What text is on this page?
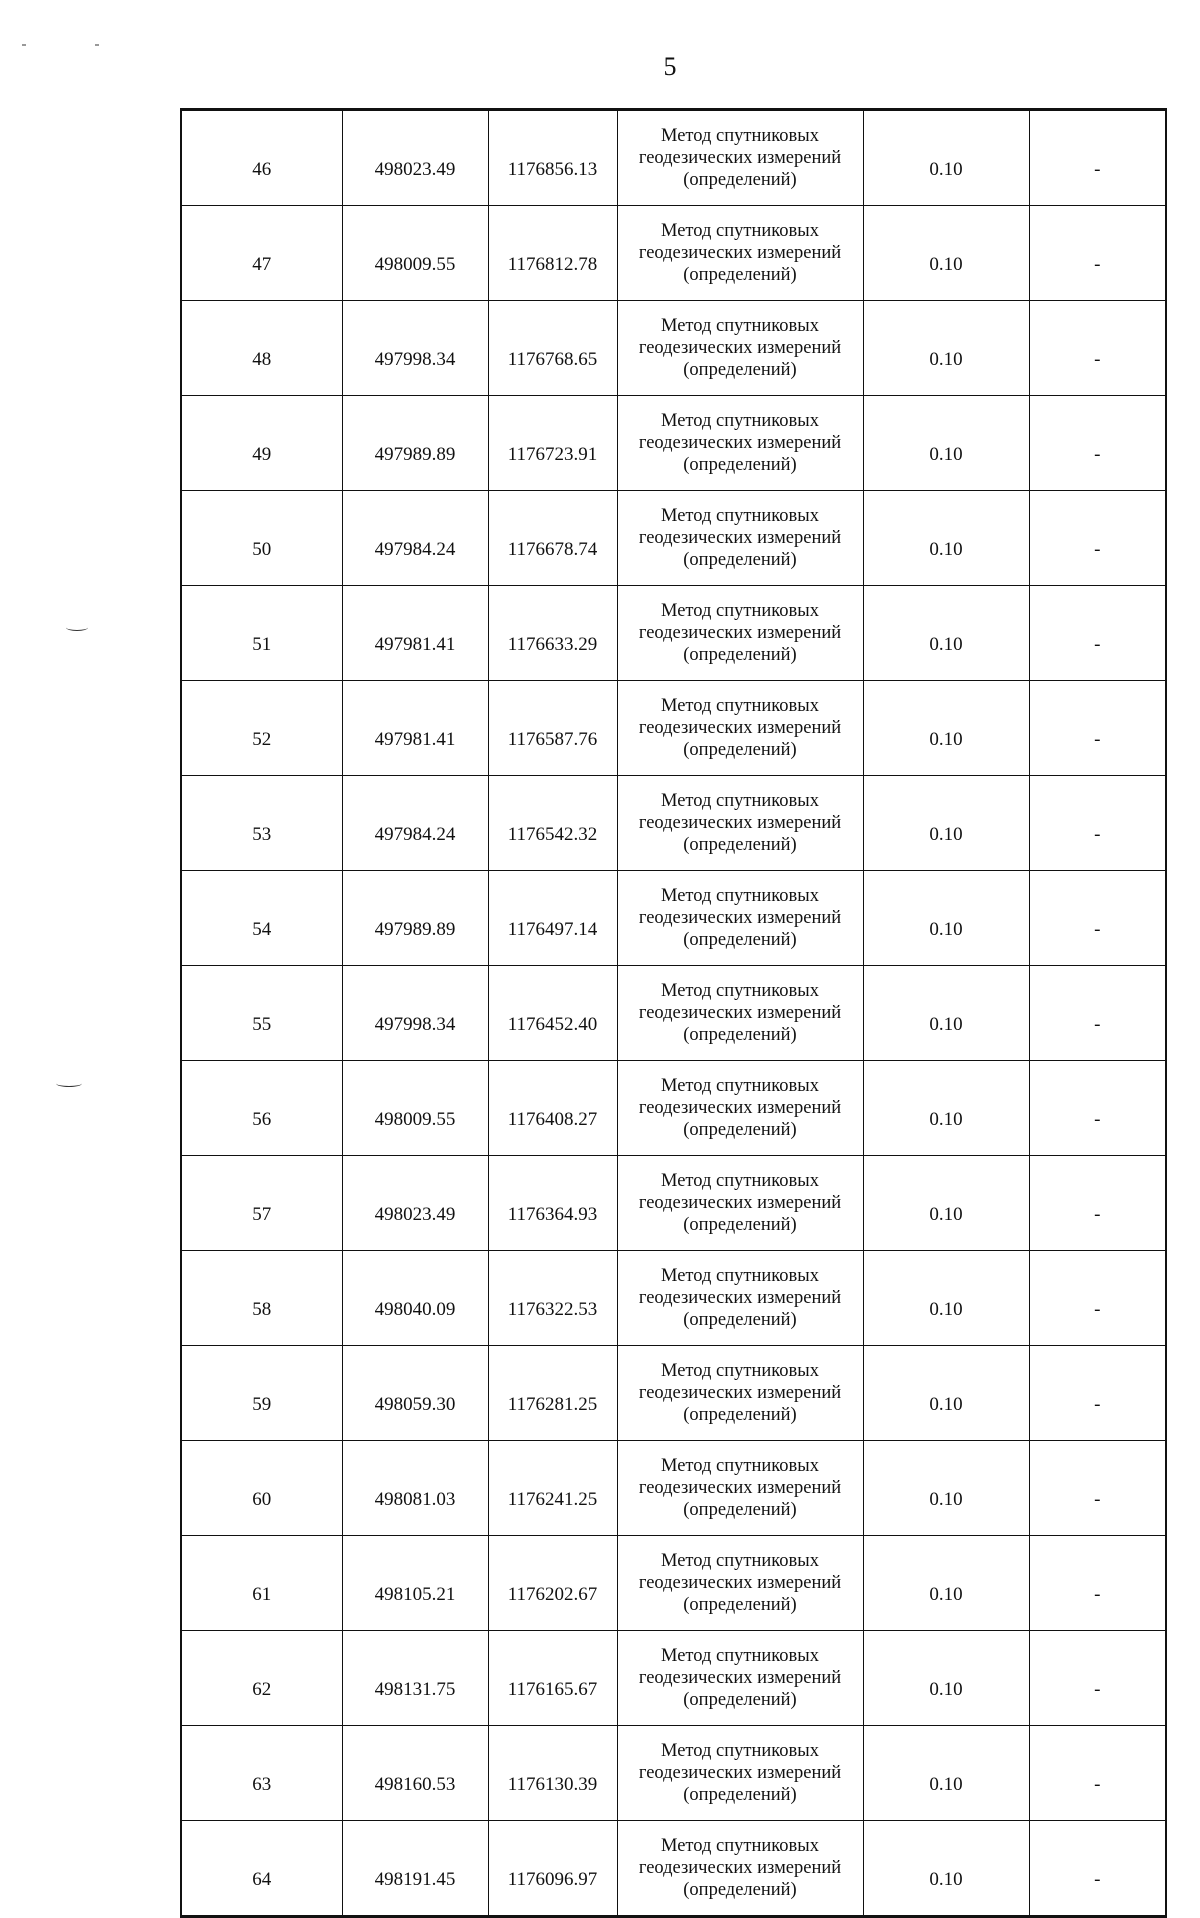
5
46	498023.49	1176856.13	Метод спутниковых
геодезических измерений
(определений)	0.10	-
47	498009.55	1176812.78	Метод спутниковых
геодезических измерений
(определений)	0.10	-
48	497998.34	1176768.65	Метод спутниковых
геодезических измерений
(определений)	0.10	-
49	497989.89	1176723.91	Метод спутниковых
геодезических измерений
(определений)	0.10	-
50	497984.24	1176678.74	Метод спутниковых
геодезических измерений
(определений)	0.10	-
51	497981.41	1176633.29	Метод спутниковых
геодезических измерений
(определений)	0.10	-
52	497981.41	1176587.76	Метод спутниковых
геодезических измерений
(определений)	0.10	-
53	497984.24	1176542.32	Метод спутниковых
геодезических измерений
(определений)	0.10	-
54	497989.89	1176497.14	Метод спутниковых
геодезических измерений
(определений)	0.10	-
55	497998.34	1176452.40	Метод спутниковых
геодезических измерений
(определений)	0.10	-
56	498009.55	1176408.27	Метод спутниковых
геодезических измерений
(определений)	0.10	-
57	498023.49	1176364.93	Метод спутниковых
геодезических измерений
(определений)	0.10	-
58	498040.09	1176322.53	Метод спутниковых
геодезических измерений
(определений)	0.10	-
59	498059.30	1176281.25	Метод спутниковых
геодезических измерений
(определений)	0.10	-
60	498081.03	1176241.25	Метод спутниковых
геодезических измерений
(определений)	0.10	-
61	498105.21	1176202.67	Метод спутниковых
геодезических измерений
(определений)	0.10	-
62	498131.75	1176165.67	Метод спутниковых
геодезических измерений
(определений)	0.10	-
63	498160.53	1176130.39	Метод спутниковых
геодезических измерений
(определений)	0.10	-
64	498191.45	1176096.97	Метод спутниковых
геодезических измерений
(определений)	0.10	-
